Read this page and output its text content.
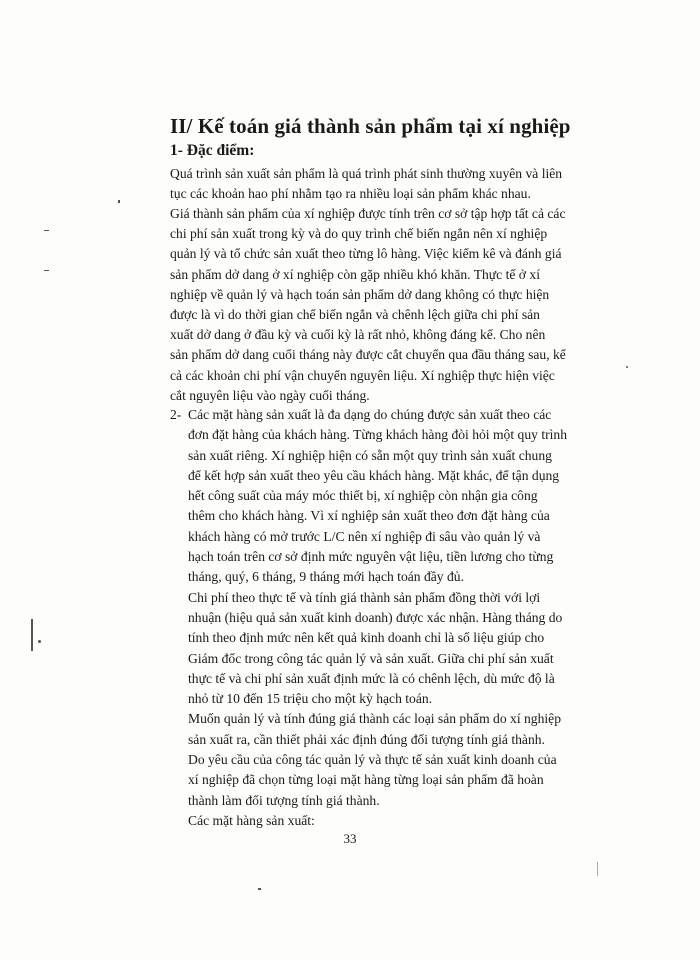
II/ Kế toán giá thành sản phẩm tại xí nghiệp
1- Đặc điểm:
Quá trình sản xuất sản phẩm là quá trình phát sinh thường xuyên và liên
tục các khoản hao phí nhằm tạo ra nhiều loại sản phẩm khác nhau.
Giá thành sản phẩm của xí nghiệp được tính trên cơ sở tập hợp tất cả các
chi phí sản xuất trong kỳ và do quy trình chế biến ngắn nên xí nghiệp
quản lý và tổ chức sản xuất theo từng lô hàng. Việc kiểm kê và đánh giá
sản phẩm dở dang ở xí nghiệp còn gặp nhiều khó khăn. Thực tế ở xí
nghiệp về quản lý và hạch toán sản phẩm dở dang không có thực hiện
được là vì do thời gian chế biến ngắn và chênh lệch giữa chi phí sản
xuất dở dang ở đầu kỳ và cuối kỳ là rất nhỏ, không đáng kể. Cho nên
sản phẩm dở dang cuối tháng này được cắt chuyển qua đầu tháng sau, kể
cả các khoản chi phí vận chuyển nguyên liệu. Xí nghiệp thực hiện việc
cắt nguyên liệu vào ngày cuối tháng.
2- Các mặt hàng sản xuất là đa dạng do chúng được sản xuất theo các
đơn đặt hàng của khách hàng. Từng khách hàng đòi hỏi một quy trình
sản xuất riêng. Xí nghiệp hiện có sẵn một quy trình sản xuất chung
để kết hợp sản xuất theo yêu cầu khách hàng. Mặt khác, để tận dụng
hết công suất của máy móc thiết bị, xí nghiệp còn nhận gia công
thêm cho khách hàng. Vì xí nghiệp sản xuất theo đơn đặt hàng của
khách hàng có mở trước L/C nên xí nghiệp đi sâu vào quản lý và
hạch toán trên cơ sở định mức nguyên vật liệu, tiền lương cho từng
tháng, quý, 6 tháng, 9 tháng mới hạch toán đầy đủ.
Chi phí theo thực tế và tính giá thành sản phẩm đồng thời với lợi
nhuận (hiệu quả sản xuất kinh doanh) được xác nhận. Hàng tháng do
tính theo định mức nên kết quả kinh doanh chỉ là số liệu giúp cho
Giám đốc trong công tác quản lý và sản xuất. Giữa chi phí sản xuất
thực tế và chi phí sản xuất định mức là có chênh lệch, dù mức độ là
nhỏ từ 10 đến 15 triệu cho một kỳ hạch toán.
Muốn quản lý và tính đúng giá thành các loại sản phẩm do xí nghiệp
sản xuất ra, cần thiết phải xác định đúng đối tượng tính giá thành.
Do yêu cầu của công tác quản lý và thực tế sản xuất kinh doanh của
xí nghiệp đã chọn từng loại mặt hàng từng loại sản phẩm đã hoàn
thành làm đối tượng tính giá thành.
Các mặt hàng sản xuất:
33
